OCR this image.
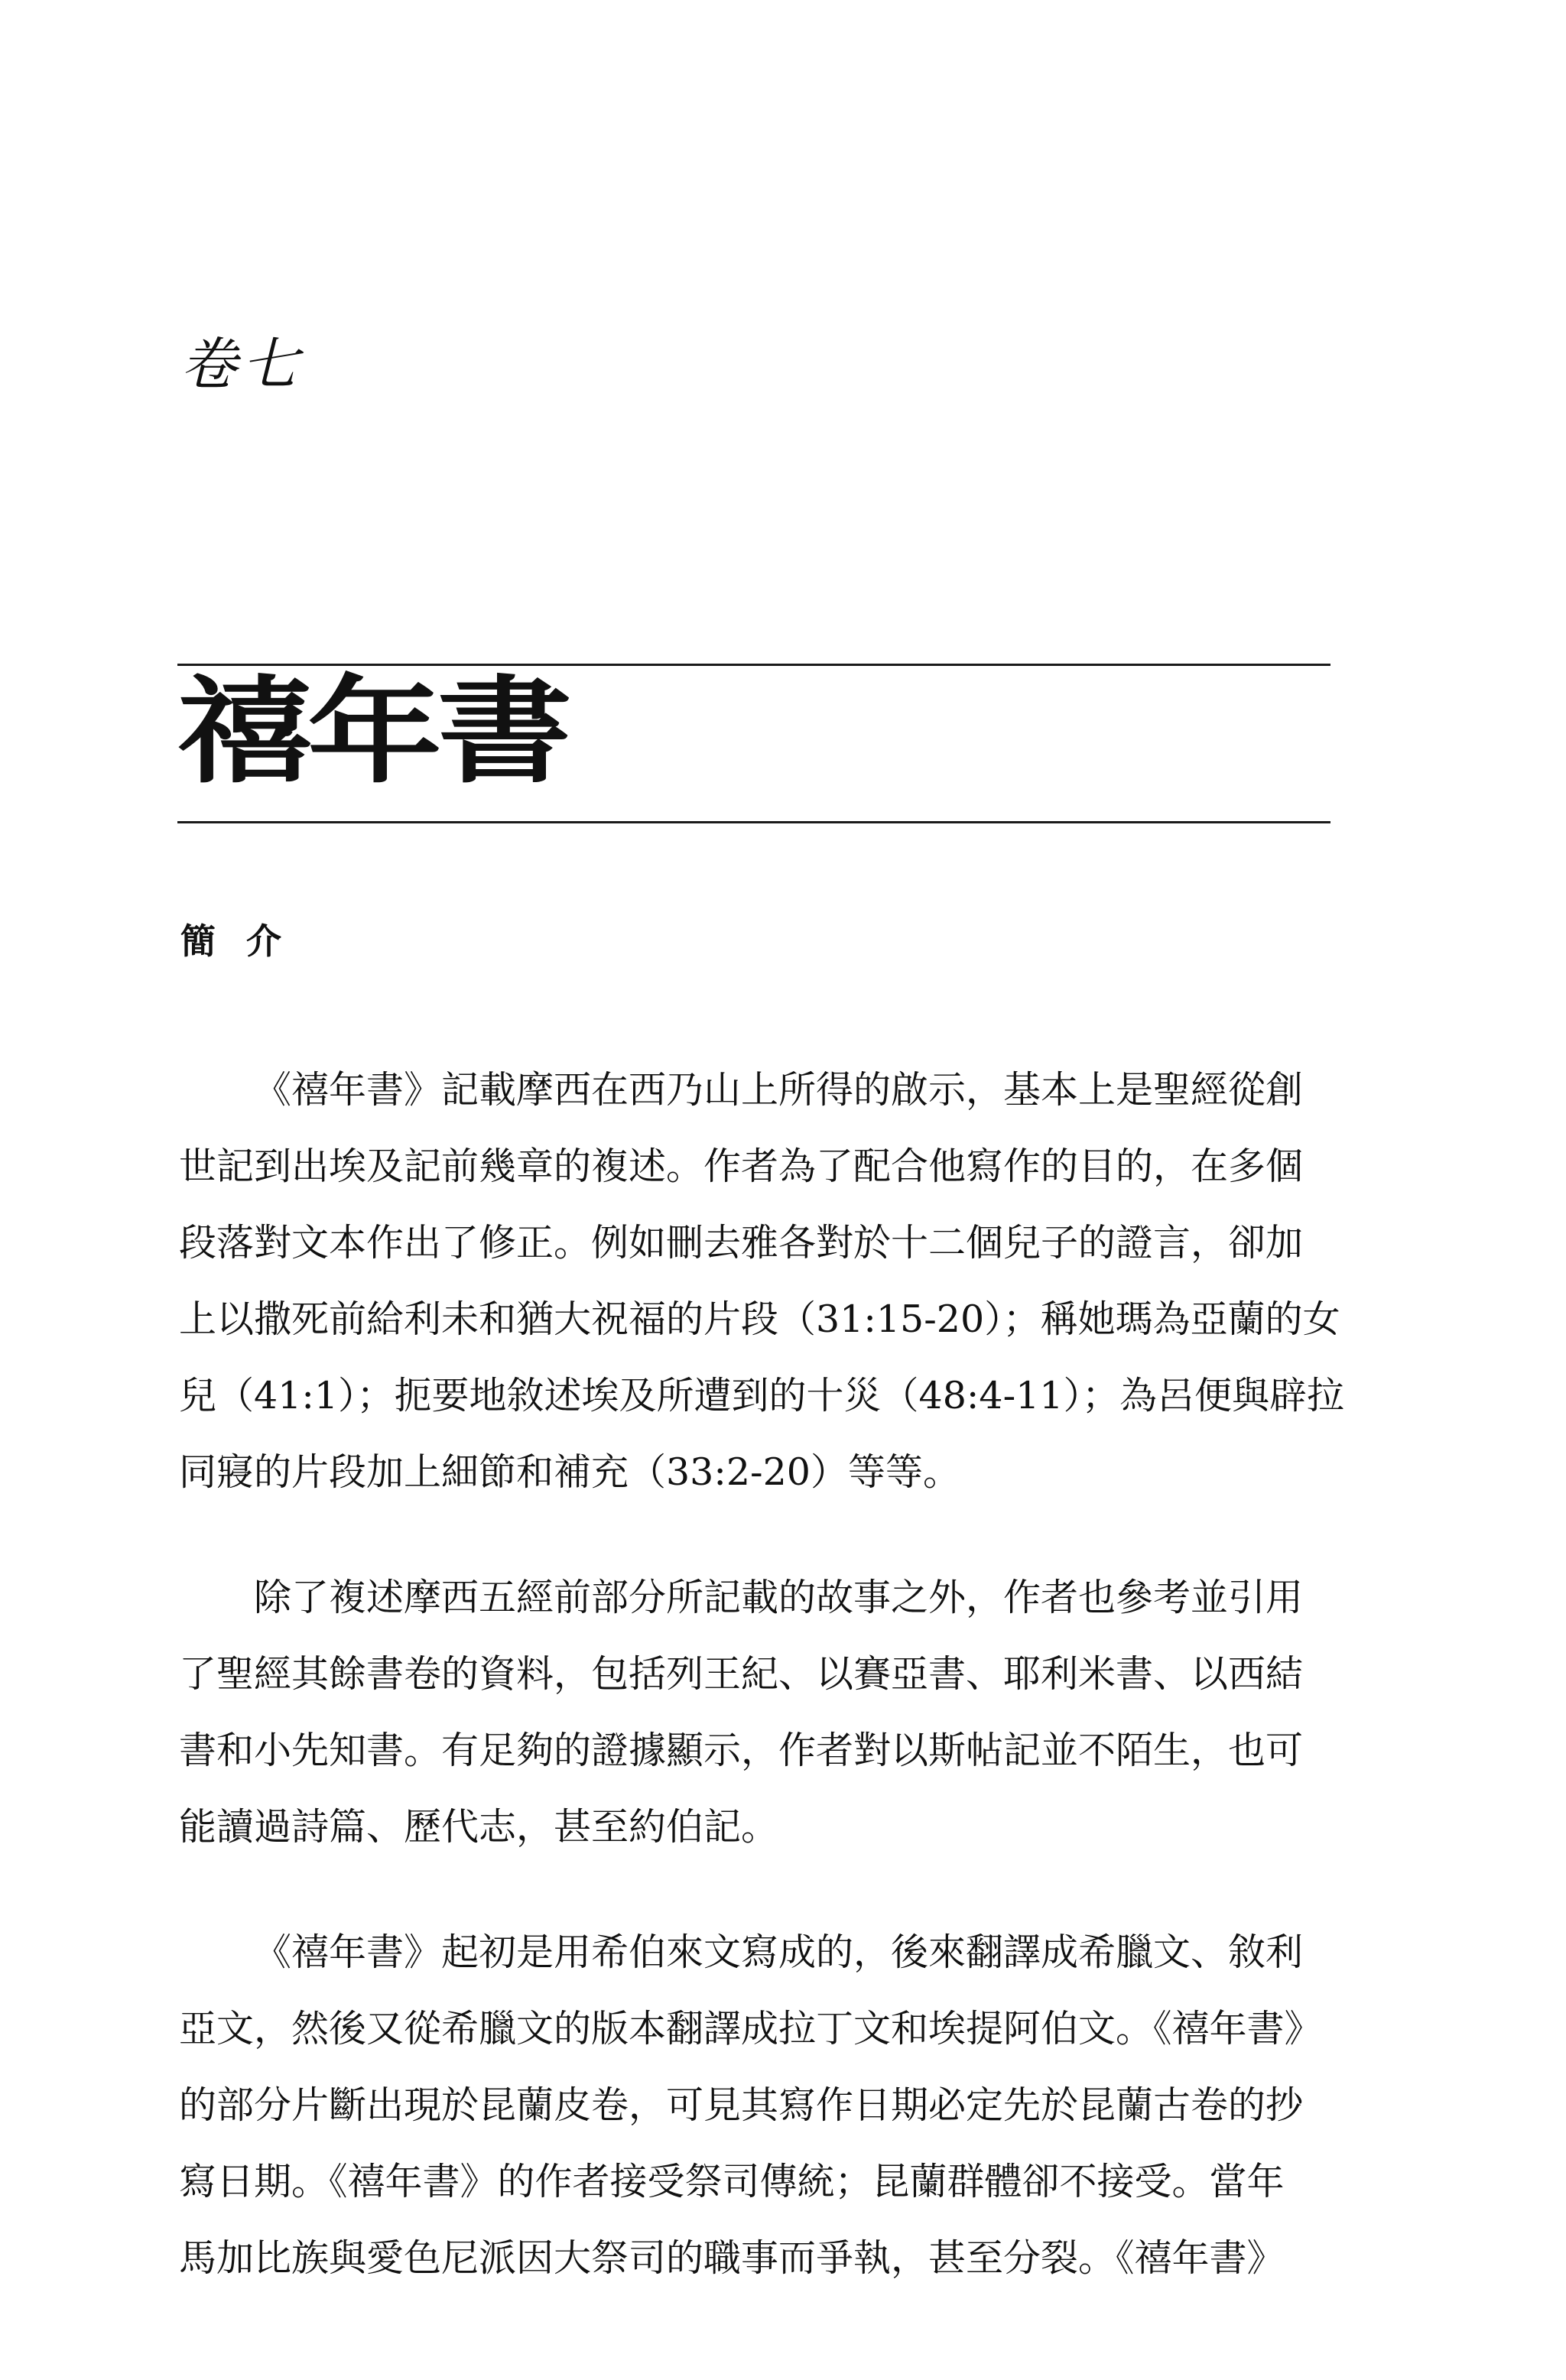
卷七
禧年書
簡介

《禧年書》記載摩西在西乃山上所得的啟示，基本上是聖經從創
世記到出埃及記前幾章的複述。作者為了配合他寫作的目的，在多個
段落對文本作出了修正。例如刪去雅各對於十二個兒子的證言，卻加
上以撒死前給利未和猶大祝福的片段（31:15-20）；稱她瑪為亞蘭的女
兒（41:1）；扼要地敘述埃及所遭到的十災（48:4-11）；為呂便與辟拉
同寢的片段加上細節和補充（33:2-20）等等。

除了複述摩西五經前部分所記載的故事之外，作者也參考並引用
了聖經其餘書卷的資料，包括列王紀、以賽亞書、耶利米書、以西結
書和小先知書。有足夠的證據顯示，作者對以斯帖記並不陌生，也可
能讀過詩篇、歷代志，甚至約伯記。

《禧年書》起初是用希伯來文寫成的，後來翻譯成希臘文、敘利
亞文，然後又從希臘文的版本翻譯成拉丁文和埃提阿伯文。《禧年書》
的部分片斷出現於昆蘭皮卷，可見其寫作日期必定先於昆蘭古卷的抄
寫日期。《禧年書》的作者接受祭司傳統；昆蘭群體卻不接受。當年
馬加比族與愛色尼派因大祭司的職事而爭執，甚至分裂。《禧年書》
